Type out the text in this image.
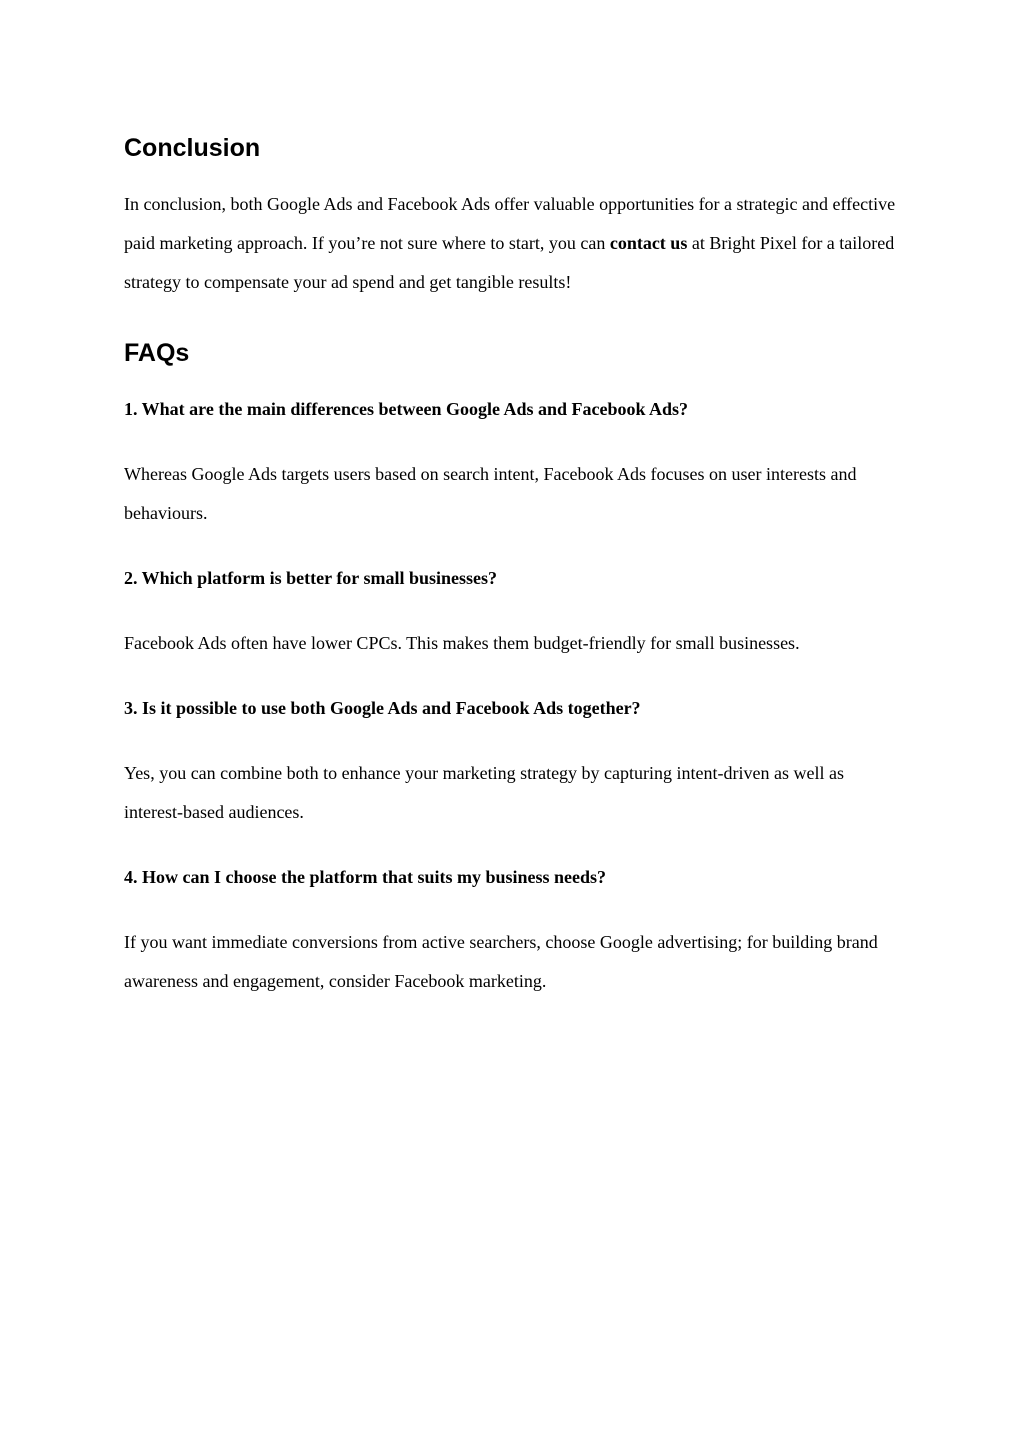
Conclusion

In conclusion, both Google Ads and Facebook Ads offer valuable opportunities for a strategic and effective paid marketing approach. If you’re not sure where to start, you can contact us at Bright Pixel for a tailored strategy to compensate your ad spend and get tangible results!

FAQs

1. What are the main differences between Google Ads and Facebook Ads?

Whereas Google Ads targets users based on search intent, Facebook Ads focuses on user interests and behaviours.

2. Which platform is better for small businesses?

Facebook Ads often have lower CPCs. This makes them budget-friendly for small businesses.

3. Is it possible to use both Google Ads and Facebook Ads together?

Yes, you can combine both to enhance your marketing strategy by capturing intent-driven as well as interest-based audiences.

4. How can I choose the platform that suits my business needs?

If you want immediate conversions from active searchers, choose Google advertising; for building brand awareness and engagement, consider Facebook marketing.
